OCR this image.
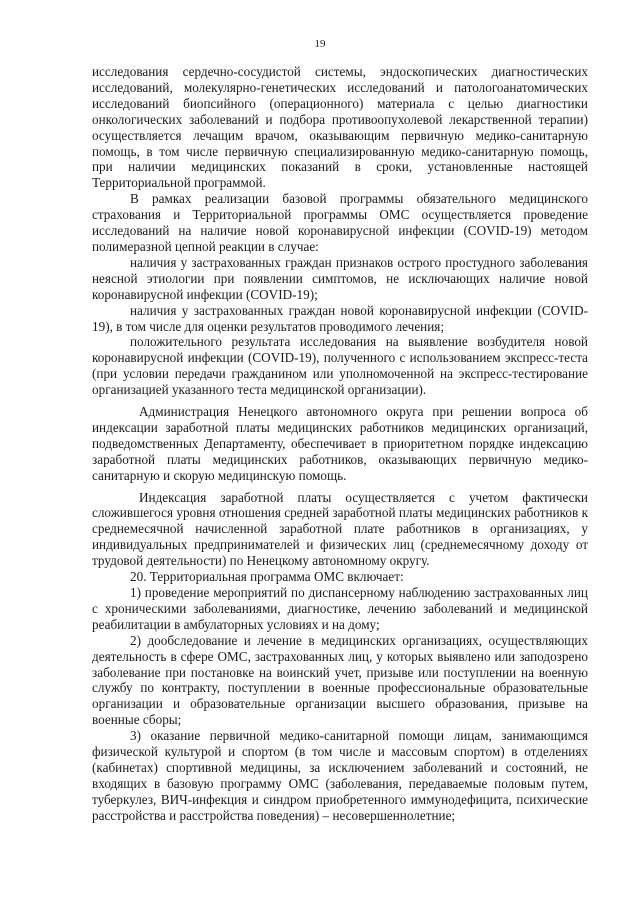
19

исследования сердечно-сосудистой системы, эндоскопических диагностических исследований, молекулярно-генетических исследований и патологоанатомических исследований биопсийного (операционного) материала с целью диагностики онкологических заболеваний и подбора противоопухолевой лекарственной терапии) осуществляется лечащим врачом, оказывающим первичную медико-санитарную помощь, в том числе первичную специализированную медико-санитарную помощь, при наличии медицинских показаний в сроки, установленные настоящей Территориальной программой.

В рамках реализации базовой программы обязательного медицинского страхования и Территориальной программы ОМС осуществляется проведение исследований на наличие новой коронавирусной инфекции (COVID-19) методом полимеразной цепной реакции в случае:

наличия у застрахованных граждан признаков острого простудного заболевания неясной этиологии при появлении симптомов, не исключающих наличие новой коронавирусной инфекции (COVID-19);

наличия у застрахованных граждан новой коронавирусной инфекции (COVID-19), в том числе для оценки результатов проводимого лечения;

положительного результата исследования на выявление возбудителя новой коронавирусной инфекции (COVID-19), полученного с использованием экспресс-теста (при условии передачи гражданином или уполномоченной на экспресс-тестирование организацией указанного теста медицинской организации).

Администрация Ненецкого автономного округа при решении вопроса об индексации заработной платы медицинских работников медицинских организаций, подведомственных Департаменту, обеспечивает в приоритетном порядке индексацию заработной платы медицинских работников, оказывающих первичную медико-санитарную и скорую медицинскую помощь.

Индексация заработной платы осуществляется с учетом фактически сложившегося уровня отношения средней заработной платы медицинских работников к среднемесячной начисленной заработной плате работников в организациях, у индивидуальных предпринимателей и физических лиц (среднемесячному доходу от трудовой деятельности) по Ненецкому автономному округу.

20. Территориальная программа ОМС включает:

1) проведение мероприятий по диспансерному наблюдению застрахованных лиц с хроническими заболеваниями, диагностике, лечению заболеваний и медицинской реабилитации в амбулаторных условиях и на дому;

2) дообследование и лечение в медицинских организациях, осуществляющих деятельность в сфере ОМС, застрахованных лиц, у которых выявлено или заподозрено заболевание при постановке на воинский учет, призыве или поступлении на военную службу по контракту, поступлении в военные профессиональные образовательные организации и образовательные организации высшего образования, призыве на военные сборы;

3) оказание первичной медико-санитарной помощи лицам, занимающимся физической культурой и спортом (в том числе и массовым спортом) в отделениях (кабинетах) спортивной медицины, за исключением заболеваний и состояний, не входящих в базовую программу ОМС (заболевания, передаваемые половым путем, туберкулез, ВИЧ-инфекция и синдром приобретенного иммунодефицита, психические расстройства и расстройства поведения) – несовершеннолетние;
